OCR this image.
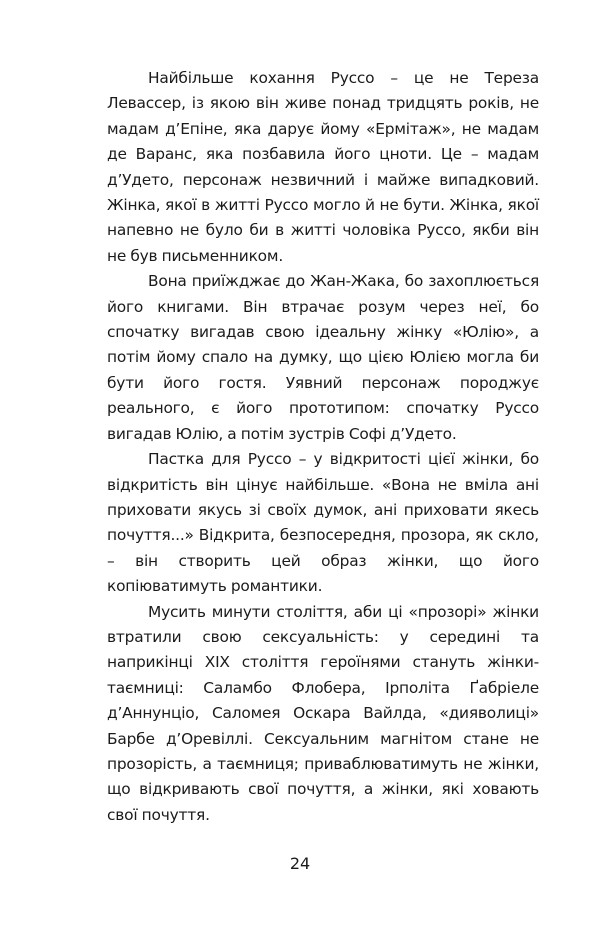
Найбільше кохання Руссо – це не Тереза Левассер, із якою він живе понад тридцять років, не мадам д’Епіне, яка дарує йому «Ермітаж», не мадам де Варанс, яка позбавила його цноти. Це – мадам д’Удето, персонаж незвичний і майже випадковий. Жінка, якої в житті Руссо могло й не бути. Жінка, якої напевно не було би в житті чоловіка Руссо, якби він не був письменником.

Вона приїжджає до Жан-Жака, бо захоплюється його книгами. Він втрачає розум через неї, бо спочатку вигадав свою ідеальну жінку «Юлію», а потім йому спало на думку, що цією Юлією могла би бути його гостя. Уявний персонаж породжує реального, є його прототипом: спочатку Руссо вигадав Юлію, а потім зустрів Софі д’Удето.

Пастка для Руссо – у відкритості цієї жінки, бо відкритість він цінує найбільше. «Вона не вміла ані приховати якусь зі своїх думок, ані приховати якесь почуття...» Відкрита, безпосередня, прозора, як скло, – він створить цей образ жінки, що його копіюватимуть романтики.

Мусить минути століття, аби ці «прозорі» жінки втратили свою сексуальність: у середині та наприкінці XIX століття героїнями стануть жінки-таємниці: Саламбо Флобера, Ірполіта Ґабріеле д’Аннунціо, Саломея Оскара Вайлда, «дияволиці» Барбе д’Оревіллі. Сексуальним магнітом стане не прозорість, а таємниця; приваблюватимуть не жінки, що відкривають свої почуття, а жінки, які ховають свої почуття.

24
